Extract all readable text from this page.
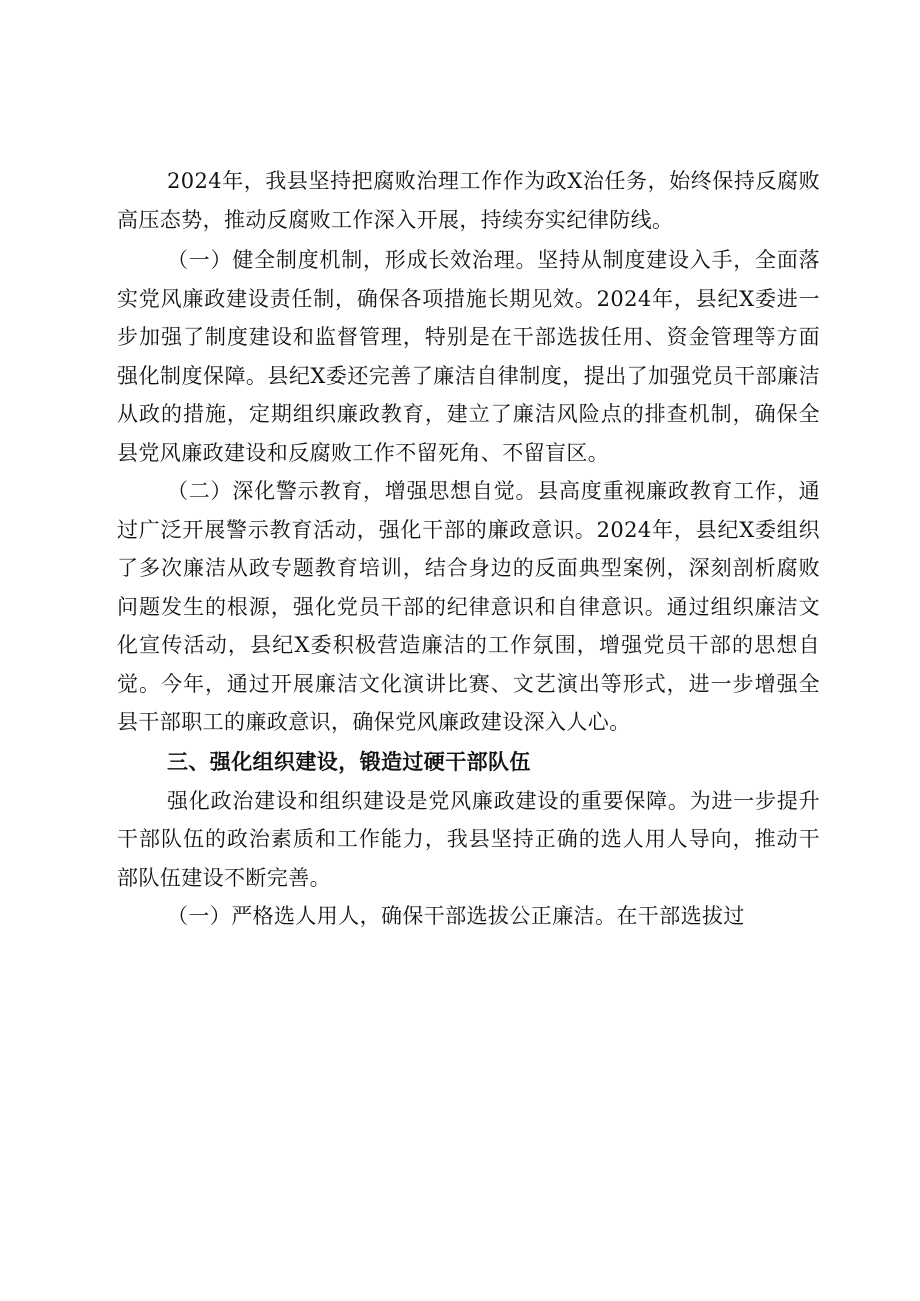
2024年，我县坚持把腐败治理工作作为政X治任务，始终保持反腐败高压态势，推动反腐败工作深入开展，持续夯实纪律防线。

（一）健全制度机制，形成长效治理。坚持从制度建设入手，全面落实党风廉政建设责任制，确保各项措施长期见效。2024年，县纪X委进一步加强了制度建设和监督管理，特别是在干部选拔任用、资金管理等方面强化制度保障。县纪X委还完善了廉洁自律制度，提出了加强党员干部廉洁从政的措施，定期组织廉政教育，建立了廉洁风险点的排查机制，确保全县党风廉政建设和反腐败工作不留死角、不留盲区。

（二）深化警示教育，增强思想自觉。县高度重视廉政教育工作，通过广泛开展警示教育活动，强化干部的廉政意识。2024年，县纪X委组织了多次廉洁从政专题教育培训，结合身边的反面典型案例，深刻剖析腐败问题发生的根源，强化党员干部的纪律意识和自律意识。通过组织廉洁文化宣传活动，县纪X委积极营造廉洁的工作氛围，增强党员干部的思想自觉。今年，通过开展廉洁文化演讲比赛、文艺演出等形式，进一步增强全县干部职工的廉政意识，确保党风廉政建设深入人心。

三、强化组织建设，锻造过硬干部队伍

强化政治建设和组织建设是党风廉政建设的重要保障。为进一步提升干部队伍的政治素质和工作能力，我县坚持正确的选人用人导向，推动干部队伍建设不断完善。

（一）严格选人用人，确保干部选拔公正廉洁。在干部选拔过
